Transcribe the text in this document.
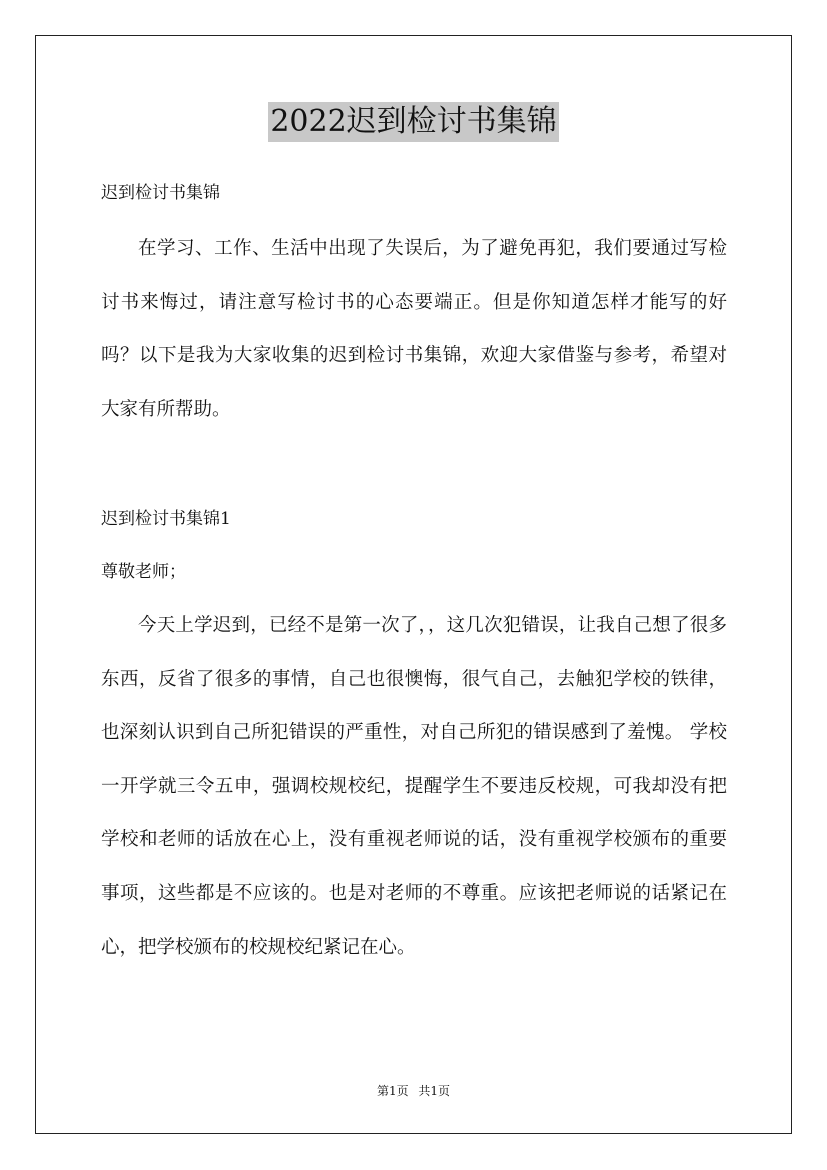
2022迟到检讨书集锦
迟到检讨书集锦

在学习、工作、生活中出现了失误后，为了避免再犯，我们要通过写检讨书来悔过，请注意写检讨书的心态要端正。但是你知道怎样才能写的好吗？以下是我为大家收集的迟到检讨书集锦，欢迎大家借鉴与参考，希望对大家有所帮助。

迟到检讨书集锦1
尊敬老师；

今天上学迟到，已经不是第一次了，，这几次犯错误，让我自己想了很多东西，反省了很多的事情，自己也很懊悔，很气自己，去触犯学校的铁律，也深刻认识到自己所犯错误的严重性，对自己所犯的错误感到了羞愧。 学校一开学就三令五申，强调校规校纪，提醒学生不要违反校规，可我却没有把学校和老师的话放在心上，没有重视老师说的话，没有重视学校颁布的重要事项，这些都是不应该的。也是对老师的不尊重。应该把老师说的话紧记在心，把学校颁布的校规校纪紧记在心。

第1页 共1页
